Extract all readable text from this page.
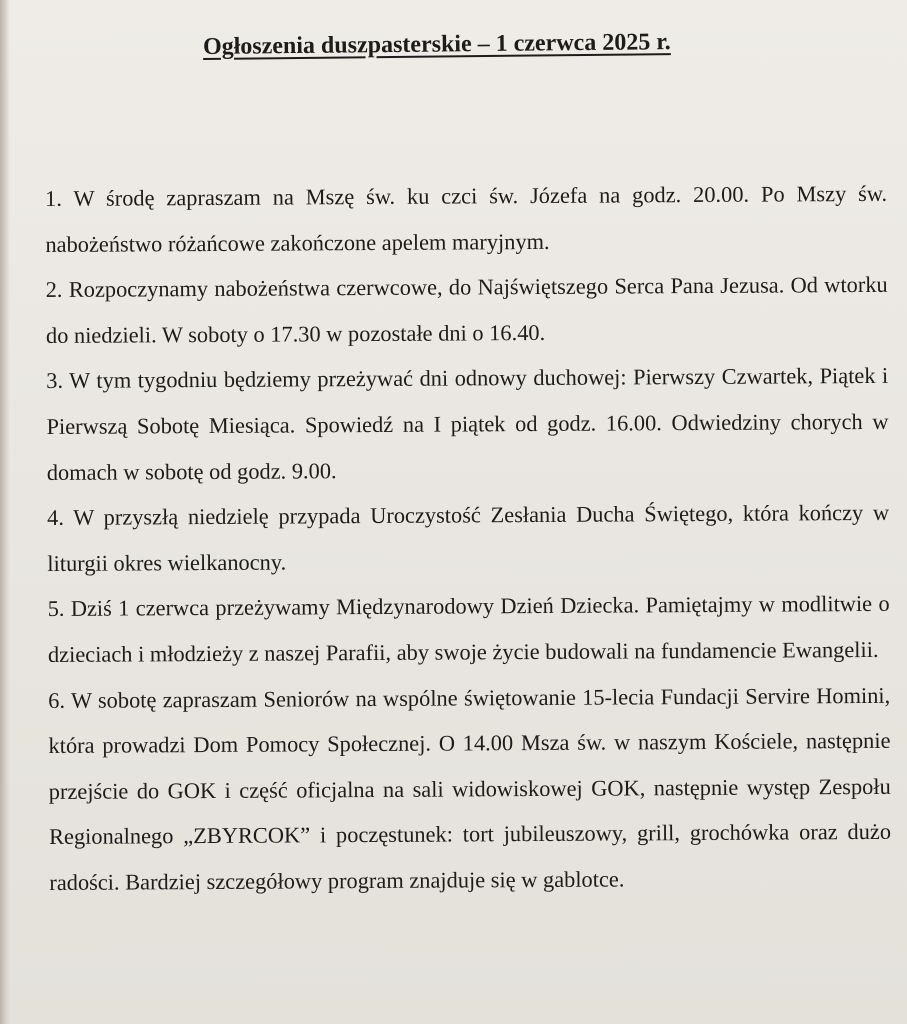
Ogłoszenia duszpasterskie – 1 czerwca 2025 r.
1. W środę zapraszam na Mszę św. ku czci św. Józefa na godz. 20.00. Po Mszy św. nabożeństwo różańcowe zakończone apelem maryjnym.
2. Rozpoczynamy nabożeństwa czerwcowe, do Najświętszego Serca Pana Jezusa. Od wtorku do niedzieli. W soboty o 17.30 w pozostałe dni o 16.40.
3. W tym tygodniu będziemy przeżywać dni odnowy duchowej: Pierwszy Czwartek, Piątek i Pierwszą Sobotę Miesiąca. Spowiedź na I piątek od godz. 16.00. Odwiedziny chorych w domach w sobotę od godz. 9.00.
4. W przyszłą niedzielę przypada Uroczystość Zesłania Ducha Świętego, która kończy w liturgii okres wielkanocny.
5. Dziś 1 czerwca przeżywamy Międzynarodowy Dzień Dziecka. Pamiętajmy w modlitwie o dzieciach i młodzieży z naszej Parafii, aby swoje życie budowali na fundamencie Ewangelii.
6. W sobotę zapraszam Seniorów na wspólne świętowanie 15-lecia Fundacji Servire Homini, która prowadzi Dom Pomocy Społecznej. O 14.00 Msza św. w naszym Kościele, następnie przejście do GOK i część oficjalna na sali widowiskowej GOK, następnie występ Zespołu Regionalnego „ZBYRCOK” i poczęstunek: tort jubileuszowy, grill, grochówka oraz dużo radości. Bardziej szczegółowy program znajduje się w gablotce.
